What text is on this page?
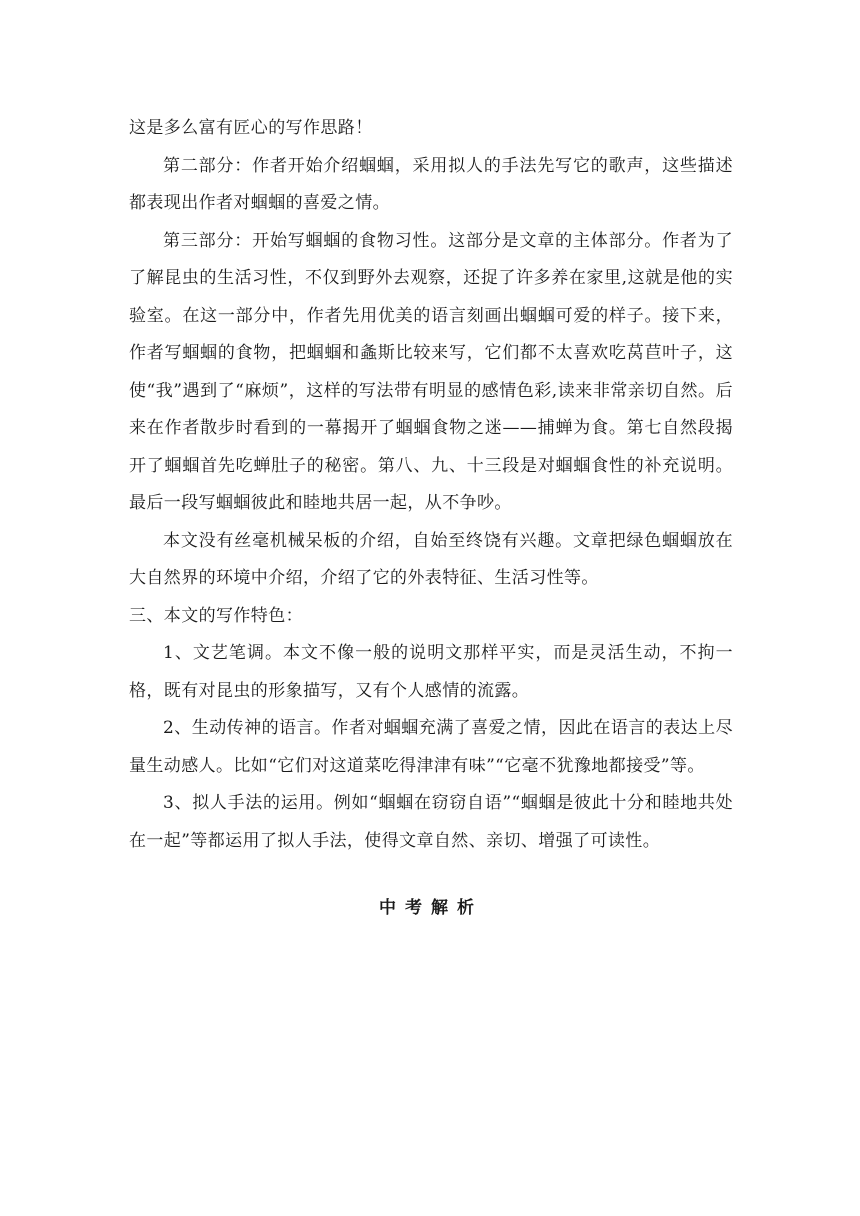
这是多么富有匠心的写作思路！

第二部分：作者开始介绍蝈蝈，采用拟人的手法先写它的歌声，这些描述都表现出作者对蝈蝈的喜爱之情。

第三部分：开始写蝈蝈的食物习性。这部分是文章的主体部分。作者为了了解昆虫的生活习性，不仅到野外去观察，还捉了许多养在家里,这就是他的实验室。在这一部分中，作者先用优美的语言刻画出蝈蝈可爱的样子。接下来，作者写蝈蝈的食物，把蝈蝈和螽斯比较来写，它们都不太喜欢吃莴苣叶子，这使“我”遇到了“麻烦”，这样的写法带有明显的感情色彩,读来非常亲切自然。后来在作者散步时看到的一幕揭开了蝈蝈食物之迷——捕蝉为食。第七自然段揭开了蝈蝈首先吃蝉肚子的秘密。第八、九、十三段是对蝈蝈食性的补充说明。最后一段写蝈蝈彼此和睦地共居一起，从不争吵。

本文没有丝毫机械呆板的介绍，自始至终饶有兴趣。文章把绿色蝈蝈放在大自然界的环境中介绍，介绍了它的外表特征、生活习性等。

三、本文的写作特色：

1、文艺笔调。本文不像一般的说明文那样平实，而是灵活生动，不拘一格，既有对昆虫的形象描写，又有个人感情的流露。

2、生动传神的语言。作者对蝈蝈充满了喜爱之情，因此在语言的表达上尽量生动感人。比如“它们对这道菜吃得津津有味”“它毫不犹豫地都接受”等。

3、拟人手法的运用。例如“蝈蝈在窃窃自语”“蝈蝈是彼此十分和睦地共处在一起”等都运用了拟人手法，使得文章自然、亲切、增强了可读性。

中考解析
